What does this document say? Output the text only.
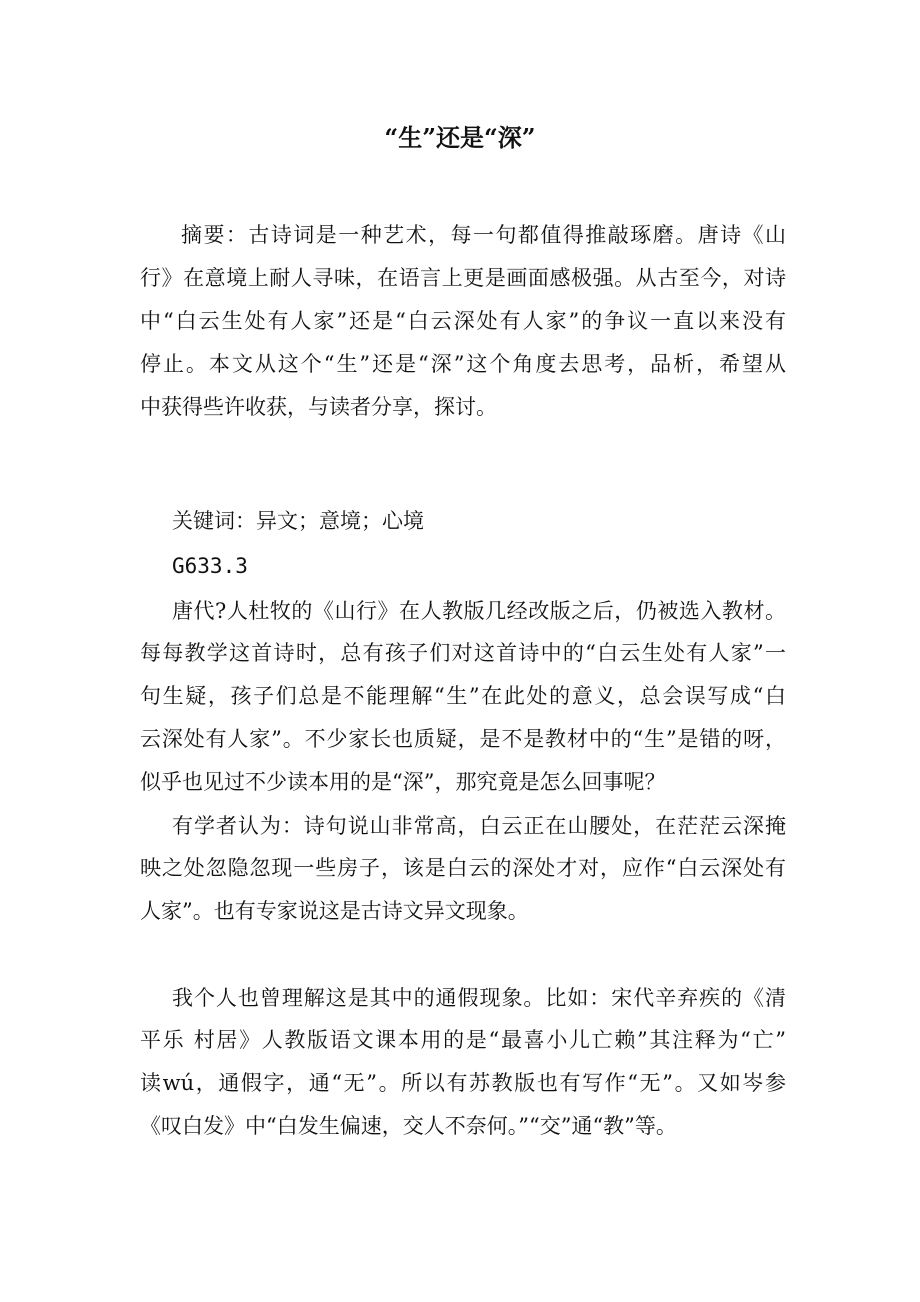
“生”还是“深”
摘要：古诗词是一种艺术，每一句都值得推敲琢磨。唐诗《山
行》在意境上耐人寻味，在语言上更是画面感极强。从古至今，对诗
中“白云生处有人家”还是“白云深处有人家”的争议一直以来没有
停止。本文从这个“生”还是“深”这个角度去思考，品析，希望从
中获得些许收获，与读者分享，探讨。
关键词：异文；意境；心境
G633.3
唐代?人杜牧的《山行》在人教版几经改版之后，仍被选入教材。
每每教学这首诗时，总有孩子们对这首诗中的“白云生处有人家”一
句生疑，孩子们总是不能理解“生”在此处的意义，总会误写成“白
云深处有人家”。不少家长也质疑，是不是教材中的“生”是错的呀，
似乎也见过不少读本用的是“深”，那究竟是怎么回事呢？
有学者认为：诗句说山非常高，白云正在山腰处，在茫茫云深掩
映之处忽隐忽现一些房子，该是白云的深处才对，应作“白云深处有
人家”。也有专家说这是古诗文异文现象。
我个人也曾理解这是其中的通假现象。比如：宋代辛弃疾的《清
平乐 村居》人教版语文课本用的是“最喜小儿亡赖”其注释为“亡”
读wú，通假字，通“无”。所以有苏教版也有写作“无”。又如岑参
《叹白发》中“白发生偏速，交人不奈何。”“交”通“教”等。
